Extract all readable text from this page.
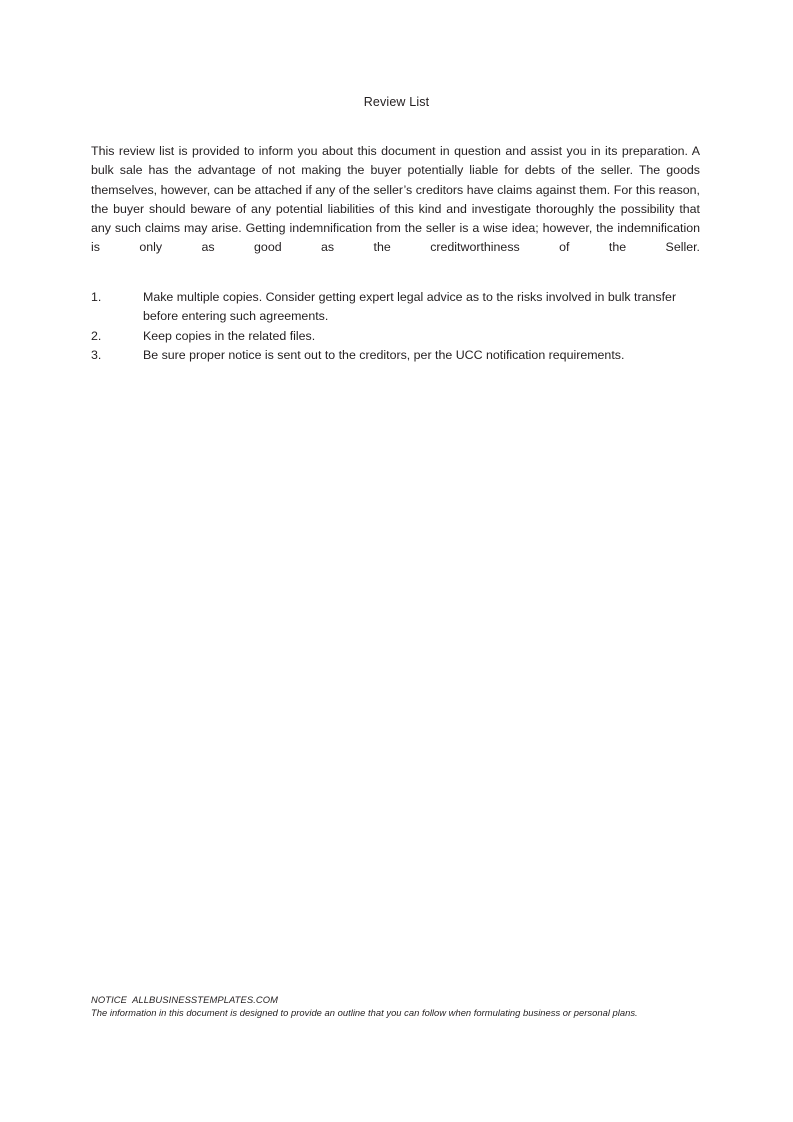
Review List

This review list is provided to inform you about this document in question and assist you in its preparation. A bulk sale has the advantage of not making the buyer potentially liable for debts of the seller. The goods themselves, however, can be attached if any of the seller’s creditors have claims against them. For this reason, the buyer should beware of any potential liabilities of this kind and investigate thoroughly the possibility that any such claims may arise. Getting indemnification from the seller is a wise idea; however, the indemnification is only as good as the creditworthiness of the Seller.

1.	Make multiple copies. Consider getting expert legal advice as to the risks involved in bulk transfer before entering such agreements.
2.	Keep copies in the related files.
3.	Be sure proper notice is sent out to the creditors, per the UCC notification requirements.
NOTICE  ALLBUSINESSTEMPLATES.COM
The information in this document is designed to provide an outline that you can follow when formulating business or personal plans.
